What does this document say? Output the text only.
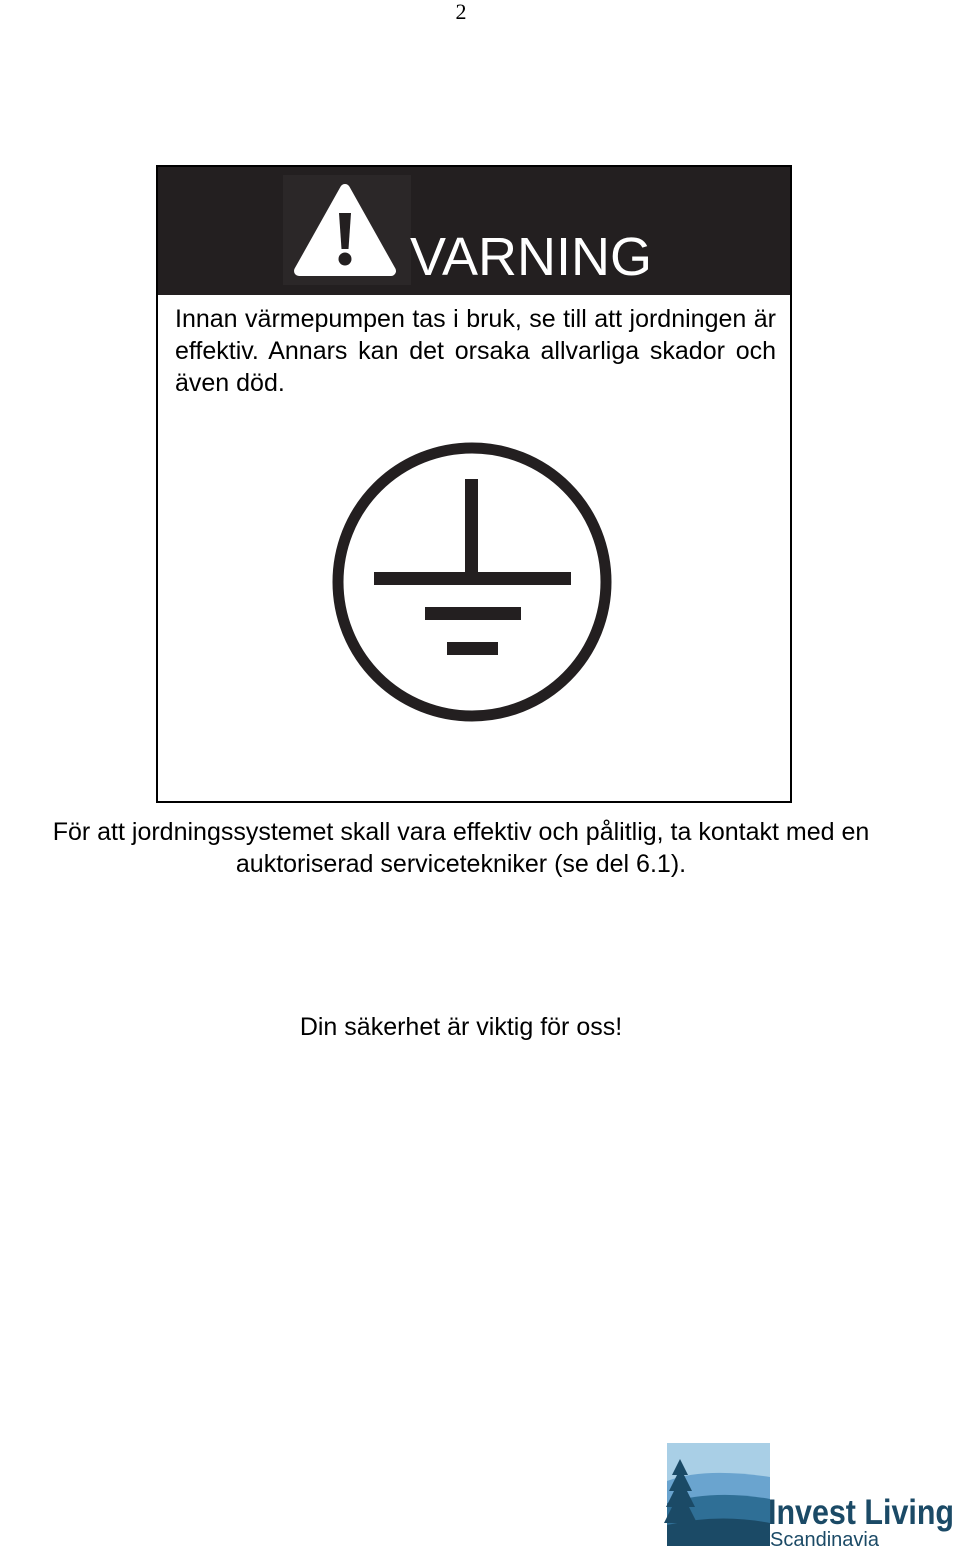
2
VARNING
Innan värmepumpen tas i bruk, se till att jordningen är effektiv. Annars kan det orsaka allvarliga skador och även död.
För att jordningssystemet skall vara effektiv och pålitlig, ta kontakt med en
auktoriserad servicetekniker (se del 6.1).
Din säkerhet är viktig för oss!
Invest Living
Scandinavia
